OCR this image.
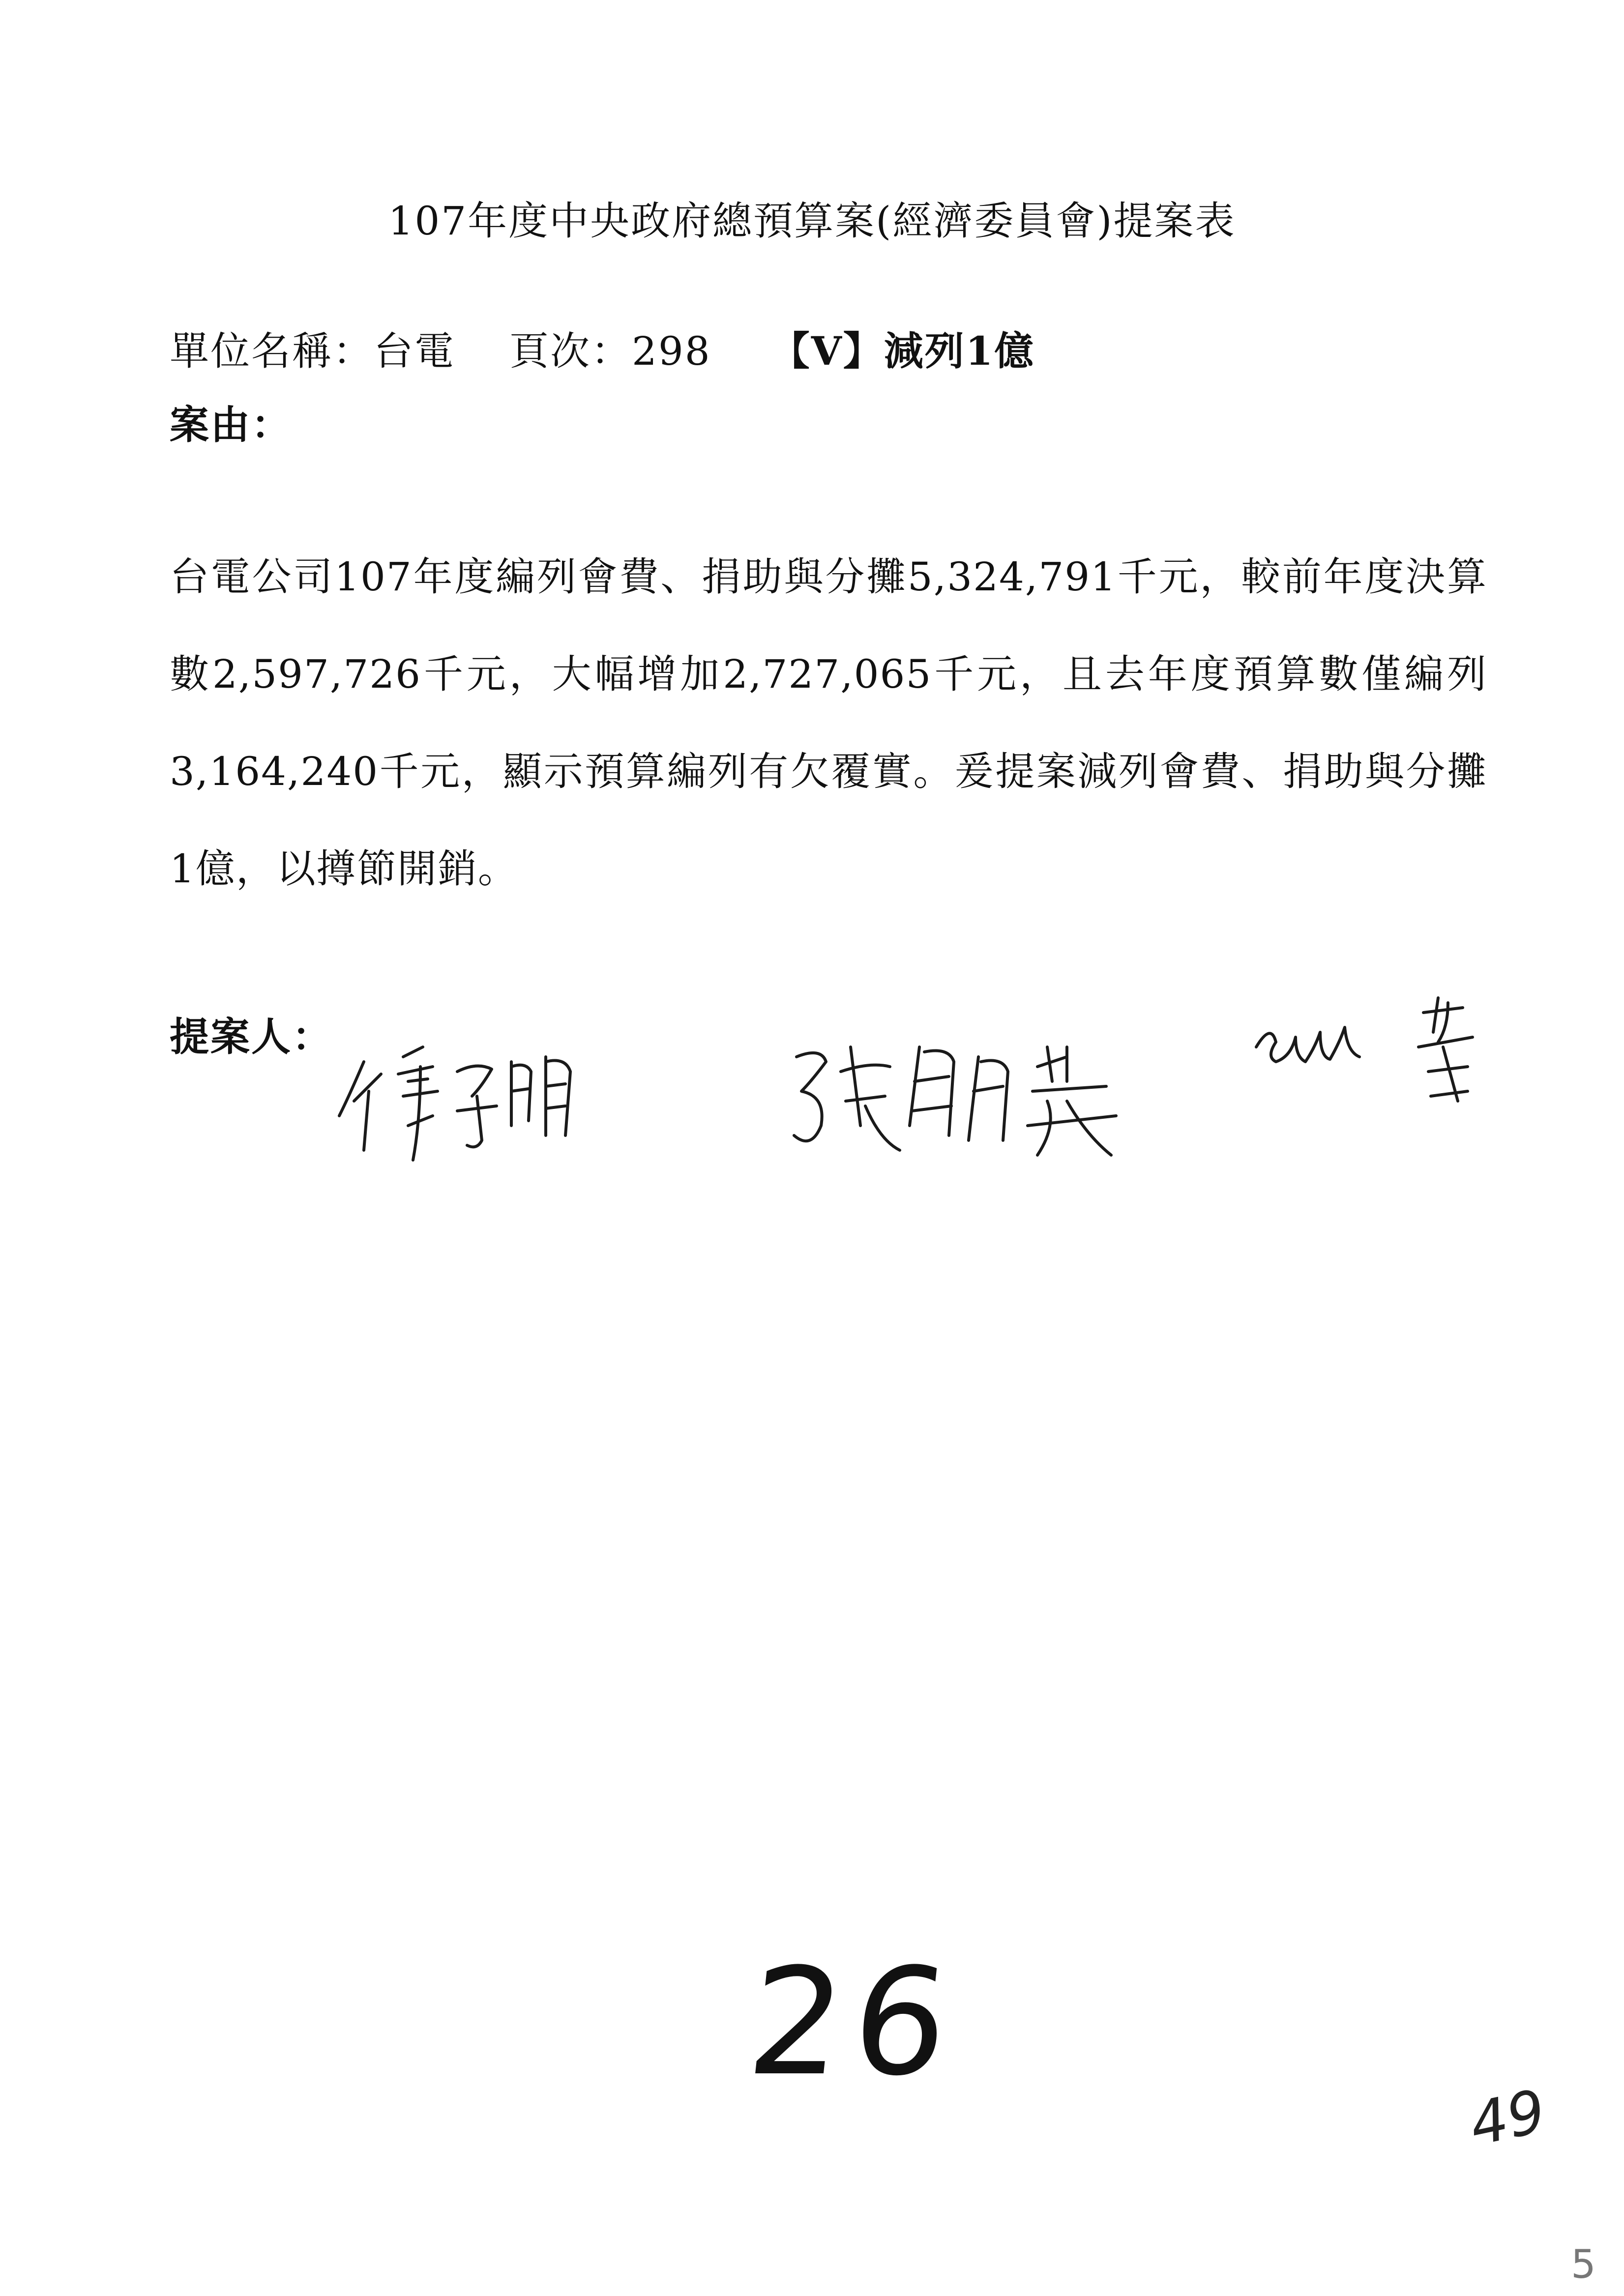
107年度中央政府總預算案(經濟委員會)提案表
單位名稱：台電 頁次：298 【V】減列1億
案由：

台電公司107年度編列會費、捐助與分攤5,324,791千元，較前年度決算數2,597,726千元，大幅增加2,727,065千元，且去年度預算數僅編列3,164,240千元，顯示預算編列有欠覆實。爰提案減列會費、捐助與分攤1億，以撙節開銷。

提案人：
26
49
5
